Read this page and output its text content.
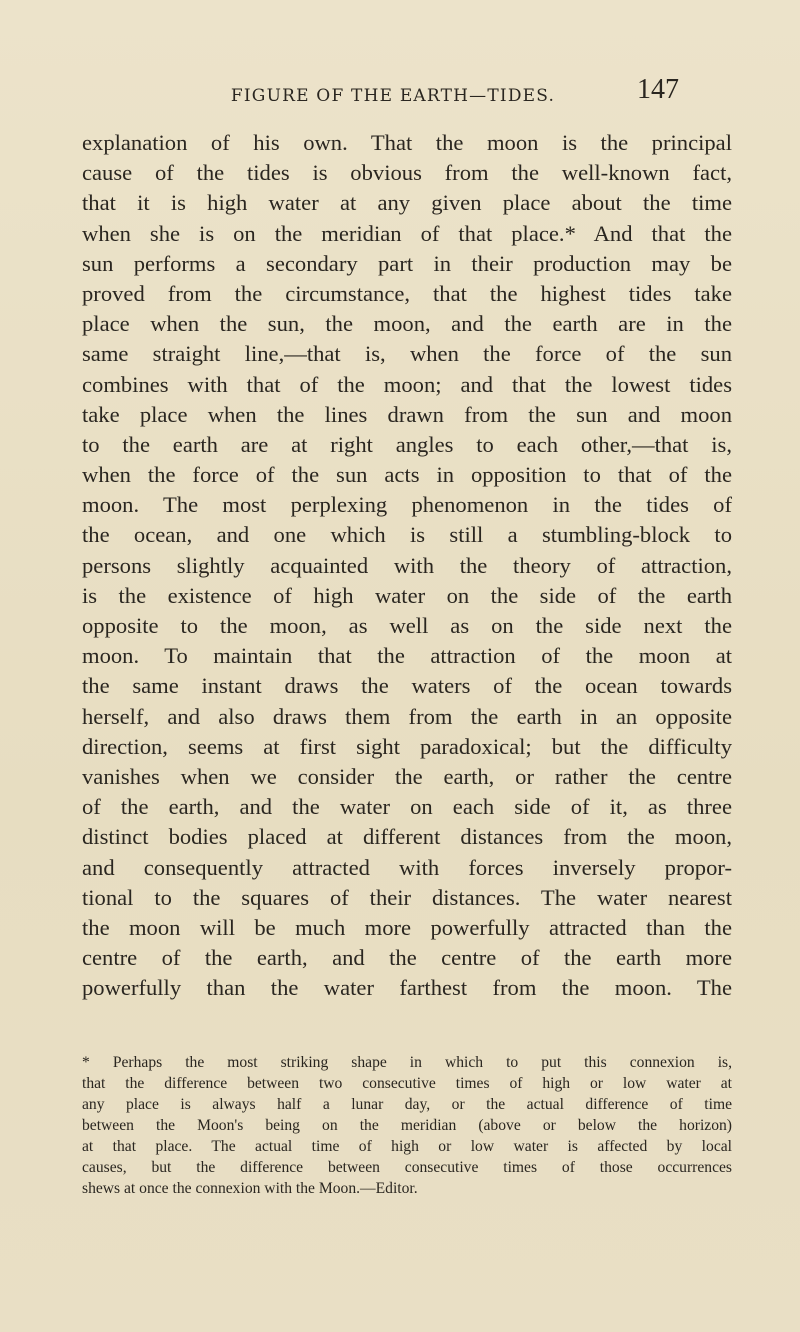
FIGURE OF THE EARTH—TIDES.	147
explanation of his own. That the moon is the principal
cause of the tides is obvious from the well-known fact,
that it is high water at any given place about the time
when she is on the meridian of that place.* And that the
sun performs a secondary part in their production may be
proved from the circumstance, that the highest tides take
place when the sun, the moon, and the earth are in the
same straight line,—that is, when the force of the sun
combines with that of the moon; and that the lowest tides
take place when the lines drawn from the sun and moon
to the earth are at right angles to each other,—that is,
when the force of the sun acts in opposition to that of the
moon. The most perplexing phenomenon in the tides of
the ocean, and one which is still a stumbling-block to
persons slightly acquainted with the theory of attraction,
is the existence of high water on the side of the earth
opposite to the moon, as well as on the side next the
moon. To maintain that the attraction of the moon at
the same instant draws the waters of the ocean towards
herself, and also draws them from the earth in an opposite
direction, seems at first sight paradoxical; but the difficulty
vanishes when we consider the earth, or rather the centre
of the earth, and the water on each side of it, as three
distinct bodies placed at different distances from the moon,
and consequently attracted with forces inversely propor-
tional to the squares of their distances. The water nearest
the moon will be much more powerfully attracted than the
centre of the earth, and the centre of the earth more
powerfully than the water farthest from the moon. The
* Perhaps the most striking shape in which to put this connexion is,
that the difference between two consecutive times of high or low water at
any place is always half a lunar day, or the actual difference of time
between the Moon's being on the meridian (above or below the horizon)
at that place. The actual time of high or low water is affected by local
causes, but the difference between consecutive times of those occurrences
shews at once the connexion with the Moon.—Editor.
